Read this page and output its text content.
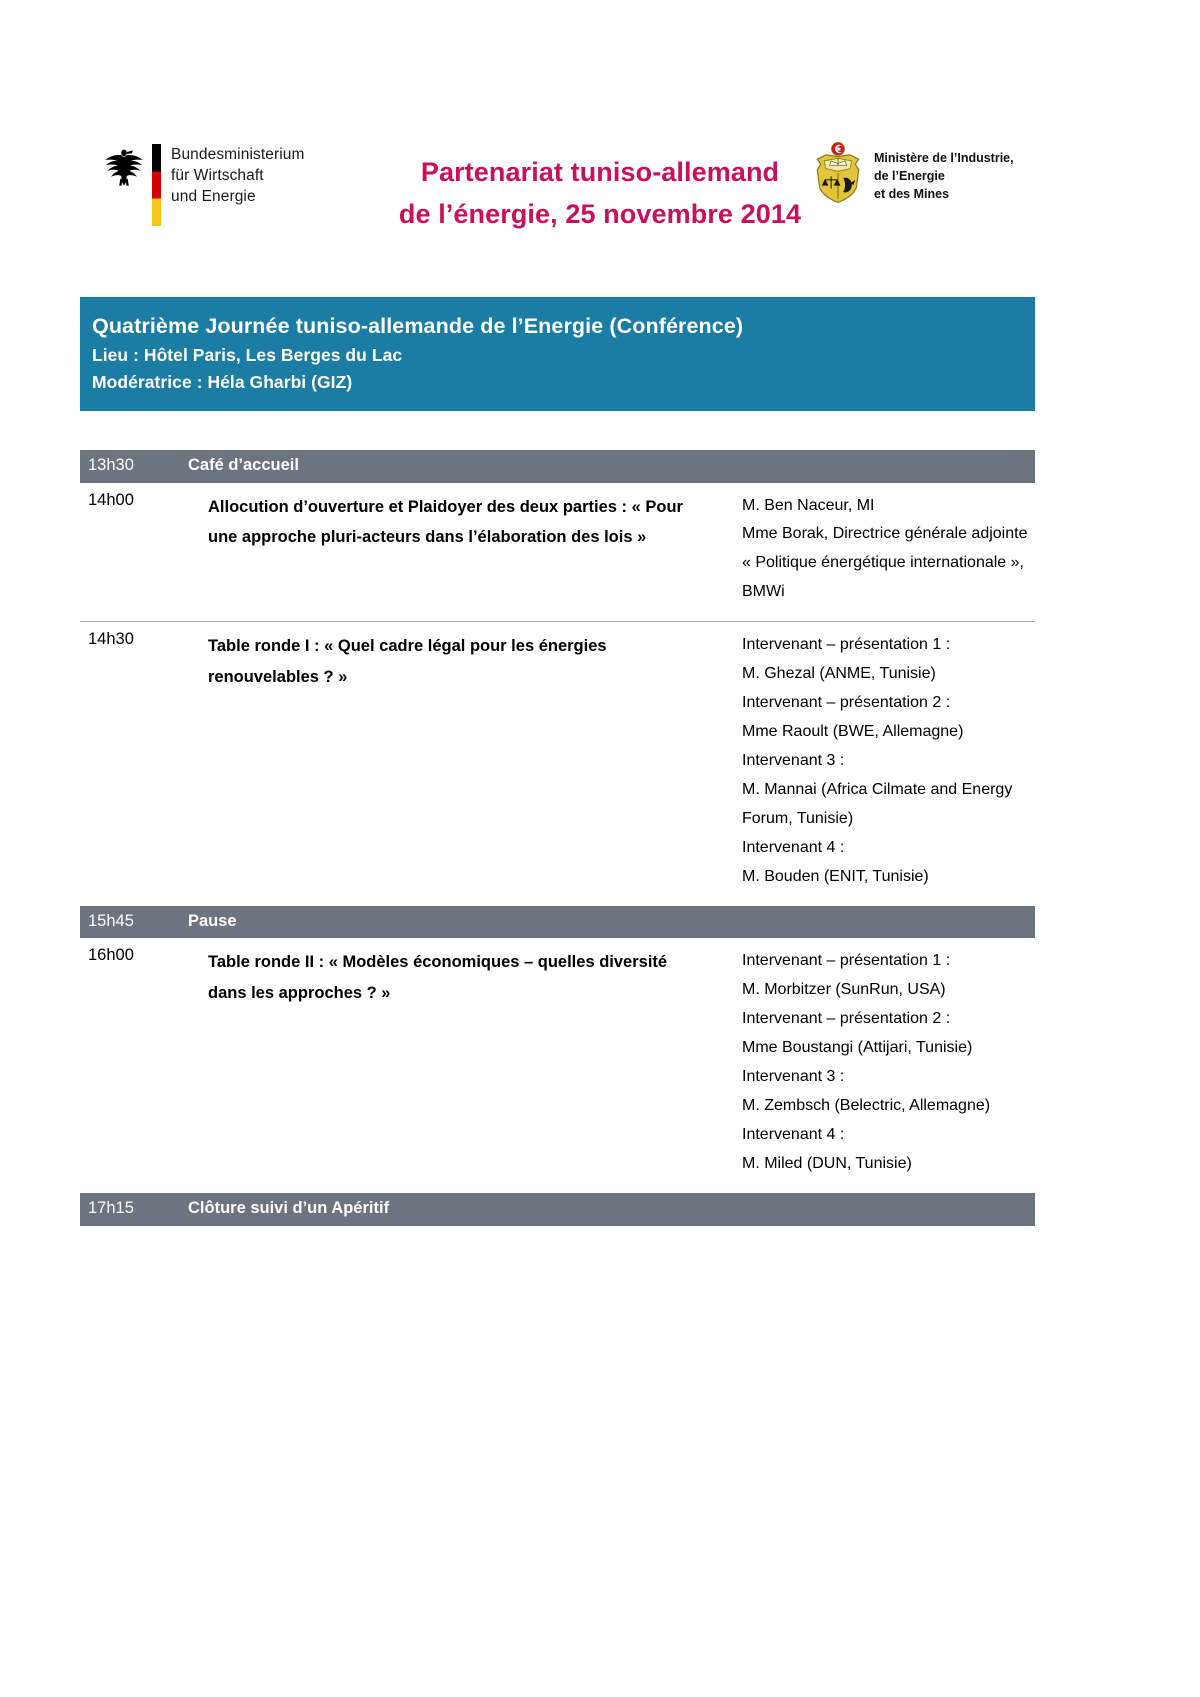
Bundesministerium
für Wirtschaft
und Energie
Partenariat tuniso-allemand
de l’énergie, 25 novembre 2014
Ministère de l’Industrie,
de l’Energie
et des Mines
Quatrième Journée tuniso-allemande de l’Energie (Conférence)
Lieu : Hôtel Paris, Les Berges du Lac
Modératrice : Héla Gharbi (GIZ)
13h30	Café d’accueil	
14h00	Allocution d’ouverture et Plaidoyer des deux parties : « Pour une approche pluri-acteurs dans l’élaboration des lois »	M. Ben Naceur, MI
Mme Borak, Directrice générale adjointe
« Politique énergétique internationale »,
BMWi

14h30	Table ronde I : « Quel cadre légal pour les énergies renouvelables ? »	
Intervenant – présentation 1 :
M. Ghezal (ANME, Tunisie)
Intervenant – présentation 2 :
Mme Raoult (BWE, Allemagne)
Intervenant 3 :
M. Mannai (Africa Cilmate and Energy Forum, Tunisie)
Intervenant 4 :
M. Bouden (ENIT, Tunisie)

15h45	Pause	
16h00	Table ronde II : « Modèles économiques – quelles diversité dans les approches ? »	
Intervenant – présentation 1 :
M. Morbitzer (SunRun, USA)
Intervenant – présentation 2 :
Mme Boustangi (Attijari, Tunisie)
Intervenant 3 :
M. Zembsch (Belectric, Allemagne)
Intervenant 4 :
M. Miled (DUN, Tunisie)

17h15	Clôture suivi d’un Apéritif	
